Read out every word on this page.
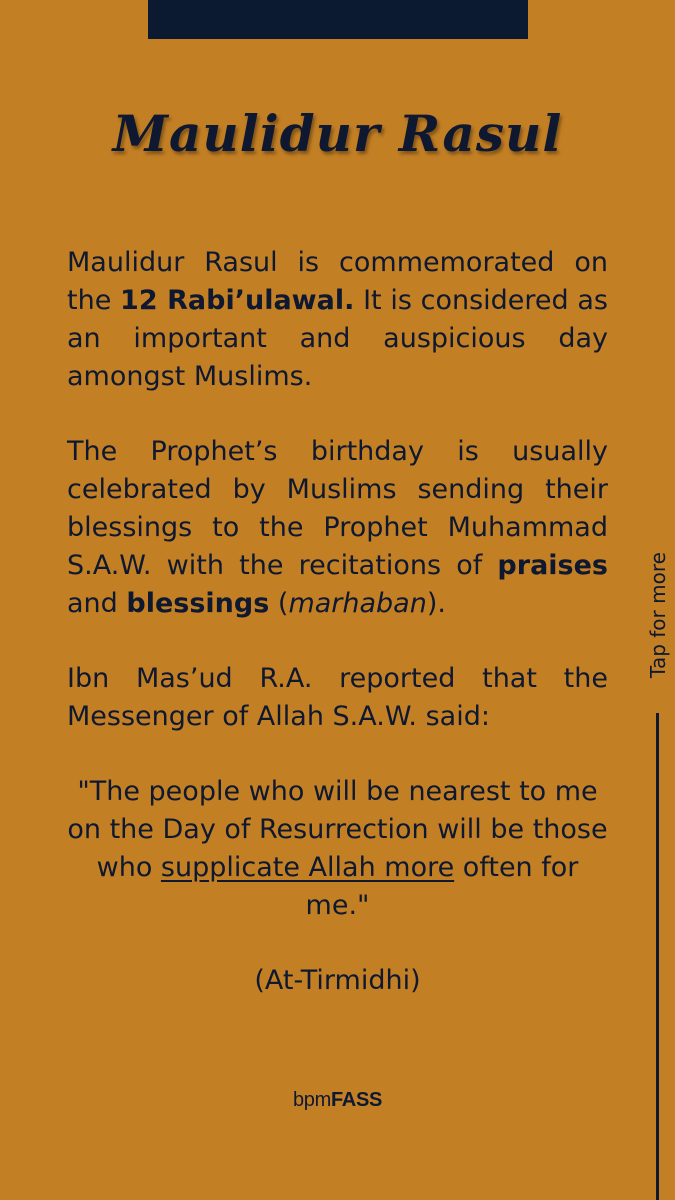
Maulidur Rasul

Maulidur Rasul is commemorated on the 12 Rabi’ulawal. It is considered as an important and auspicious day amongst Muslims.

The Prophet’s birthday is usually celebrated by Muslims sending their blessings to the Prophet Muhammad S.A.W. with the recitations of praises and blessings (marhaban).

Ibn Mas’ud R.A. reported that the Messenger of Allah S.A.W. said:

"The people who will be nearest to me on the Day of Resurrection will be those who supplicate Allah more often for me."

(At-Tirmidhi)

Tap for more
bpmFASS
